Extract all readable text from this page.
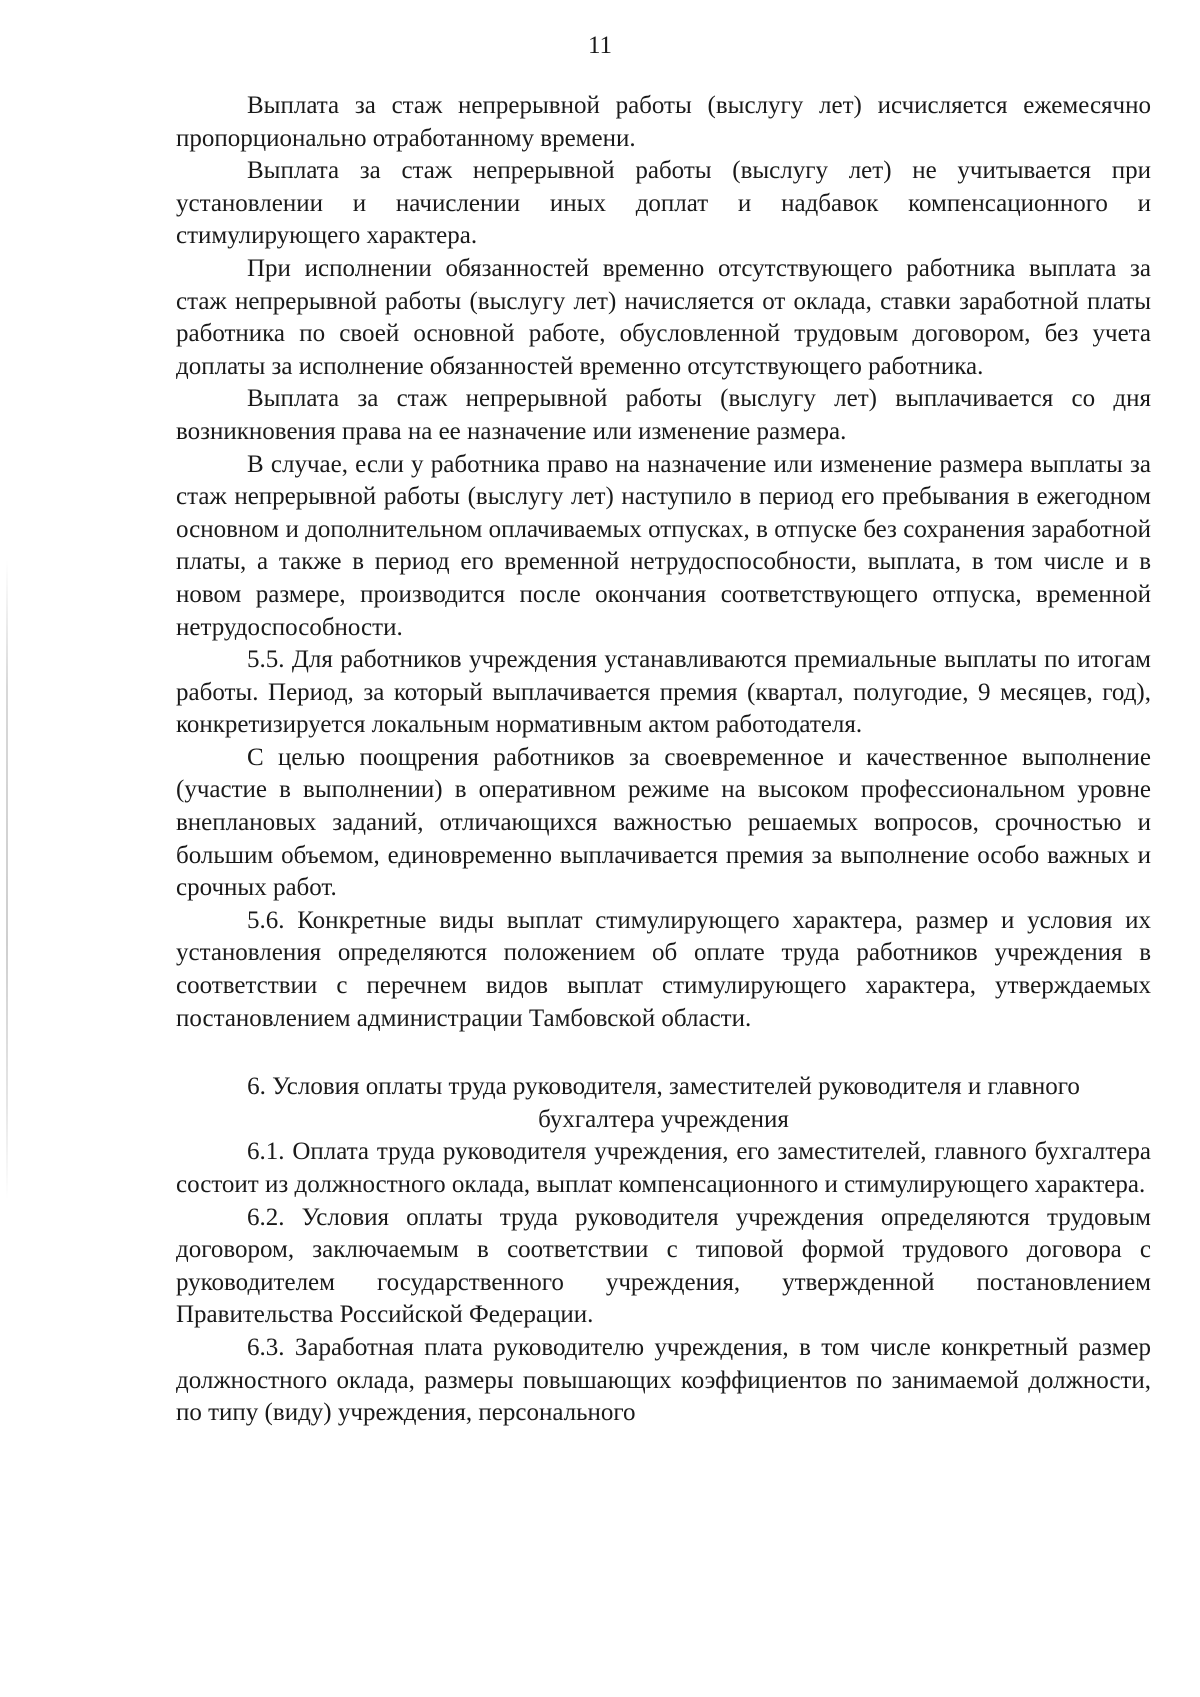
11

Выплата за стаж непрерывной работы (выслугу лет) исчисляется ежемесячно пропорционально отработанному времени.

Выплата за стаж непрерывной работы (выслугу лет) не учитывается при установлении и начислении иных доплат и надбавок компенсационного и стимулирующего характера.

При исполнении обязанностей временно отсутствующего работника выплата за стаж непрерывной работы (выслугу лет) начисляется от оклада, ставки заработной платы работника по своей основной работе, обусловленной трудовым договором, без учета доплаты за исполнение обязанностей временно отсутствующего работника.

Выплата за стаж непрерывной работы (выслугу лет) выплачивается со дня возникновения права на ее назначение или изменение размера.

В случае, если у работника право на назначение или изменение размера выплаты за стаж непрерывной работы (выслугу лет) наступило в период его пребывания в ежегодном основном и дополнительном оплачиваемых отпусках, в отпуске без сохранения заработной платы, а также в период его временной нетрудоспособности, выплата, в том числе и в новом размере, производится после окончания соответствующего отпуска, временной нетрудоспособности.

5.5. Для работников учреждения устанавливаются премиальные выплаты по итогам работы. Период, за который выплачивается премия (квартал, полугодие, 9 месяцев, год), конкретизируется локальным нормативным актом работодателя.

С целью поощрения работников за своевременное и качественное выполнение (участие в выполнении) в оперативном режиме на высоком профессиональном уровне внеплановых заданий, отличающихся важностью решаемых вопросов, срочностью и большим объемом, единовременно выплачивается премия за выполнение особо важных и срочных работ.

5.6. Конкретные виды выплат стимулирующего характера, размер и условия их установления определяются положением об оплате труда работников учреждения в соответствии с перечнем видов выплат стимулирующего характера, утверждаемых постановлением администрации Тамбовской области.

6. Условия оплаты труда руководителя, заместителей руководителя и главного бухгалтера учреждения

6.1. Оплата труда руководителя учреждения, его заместителей, главного бухгалтера состоит из должностного оклада, выплат компенсационного и стимулирующего характера.

6.2. Условия оплаты труда руководителя учреждения определяются трудовым договором, заключаемым в соответствии с типовой формой трудового договора с руководителем государственного учреждения, утвержденной постановлением Правительства Российской Федерации.

6.3. Заработная плата руководителю учреждения, в том числе конкретный размер должностного оклада, размеры повышающих коэффициентов по занимаемой должности, по типу (виду) учреждения, персонального
